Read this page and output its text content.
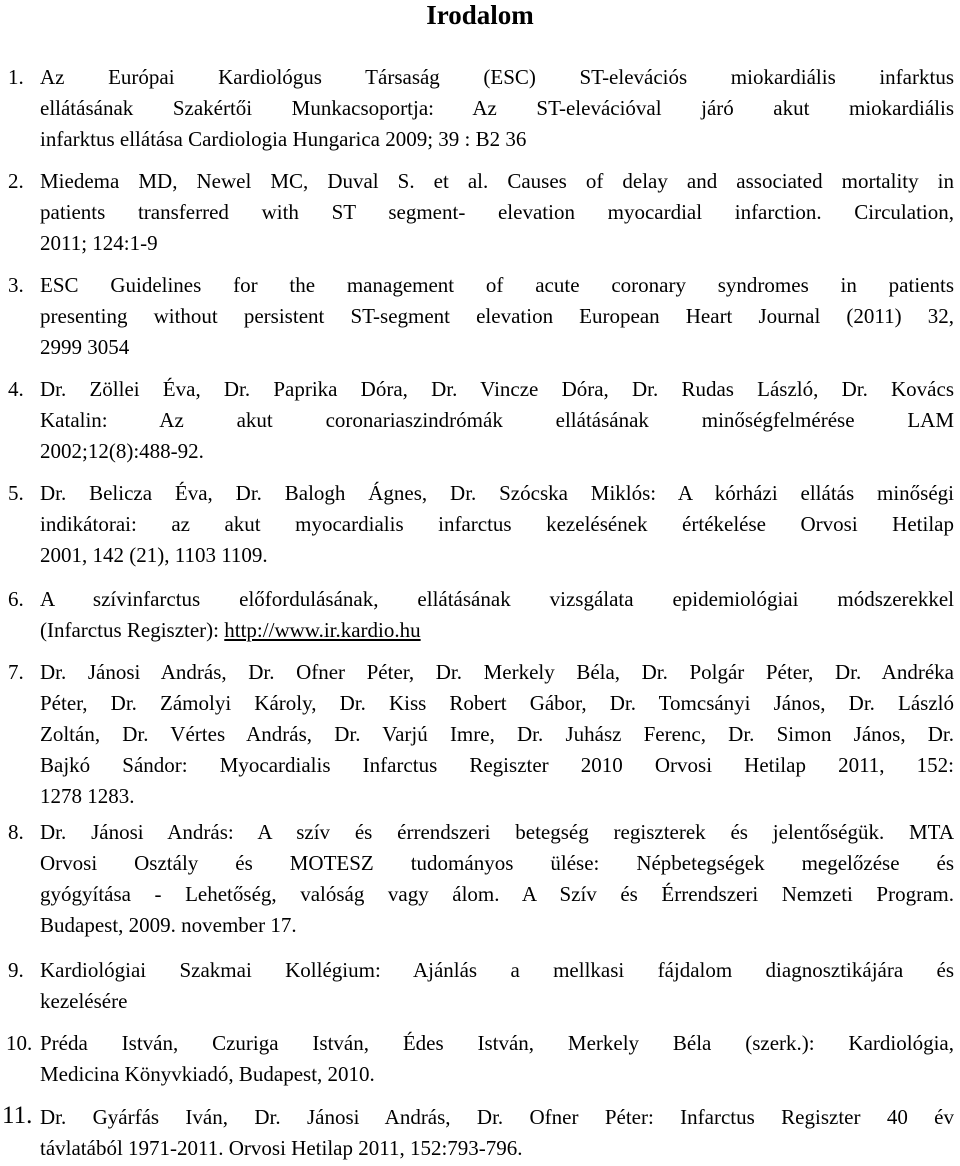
Irodalom
1. Az Európai Kardiológus Társaság (ESC) ST-elevációs miokardiális infarktus
ellátásának Szakértői Munkacsoportja: Az ST-elevációval járó akut miokardiális
infarktus ellátása Cardiologia Hungarica 2009; 39 : B2 36
2. Miedema MD, Newel MC, Duval S. et al. Causes of delay and associated mortality in
patients transferred with ST segment- elevation myocardial infarction. Circulation,
2011; 124:1-9
3. ESC Guidelines for the management of acute coronary syndromes in patients
presenting without persistent ST-segment elevation European Heart Journal (2011) 32,
2999 3054
4. Dr. Zöllei Éva, Dr. Paprika Dóra, Dr. Vincze Dóra, Dr. Rudas László, Dr. Kovács
Katalin: Az akut coronariaszindrómák ellátásának minőségfelmérése LAM
2002;12(8):488-92.
5. Dr. Belicza Éva, Dr. Balogh Ágnes, Dr. Szócska Miklós: A kórházi ellátás minőségi
indikátorai: az akut myocardialis infarctus kezelésének értékelése Orvosi Hetilap
2001, 142 (21), 1103 1109.
6. A szívinfarctus előfordulásának, ellátásának vizsgálata epidemiológiai módszerekkel
(Infarctus Regiszter): http://www.ir.kardio.hu
7. Dr. Jánosi András, Dr. Ofner Péter, Dr. Merkely Béla, Dr. Polgár Péter, Dr. Andréka
Péter, Dr. Zámolyi Károly, Dr. Kiss Robert Gábor, Dr. Tomcsányi János, Dr. László
Zoltán, Dr. Vértes András, Dr. Varjú Imre, Dr. Juhász Ferenc, Dr. Simon János, Dr.
Bajkó Sándor: Myocardialis Infarctus Regiszter 2010 Orvosi Hetilap 2011, 152:
1278 1283.
8. Dr. Jánosi András: A szív és érrendszeri betegség regiszterek és jelentőségük. MTA
Orvosi Osztály és MOTESZ tudományos ülése: Népbetegségek megelőzése és
gyógyítása - Lehetőség, valóság vagy álom. A Szív és Érrendszeri Nemzeti Program.
Budapest, 2009. november 17.
9. Kardiológiai Szakmai Kollégium: Ajánlás a mellkasi fájdalom diagnosztikájára és
kezelésére
10. Préda István, Czuriga István, Édes István, Merkely Béla (szerk.): Kardiológia,
Medicina Könyvkiadó, Budapest, 2010.
11. Dr. Gyárfás Iván, Dr. Jánosi András, Dr. Ofner Péter: Infarctus Regiszter 40 év
távlatából 1971-2011. Orvosi Hetilap 2011, 152:793-796.
